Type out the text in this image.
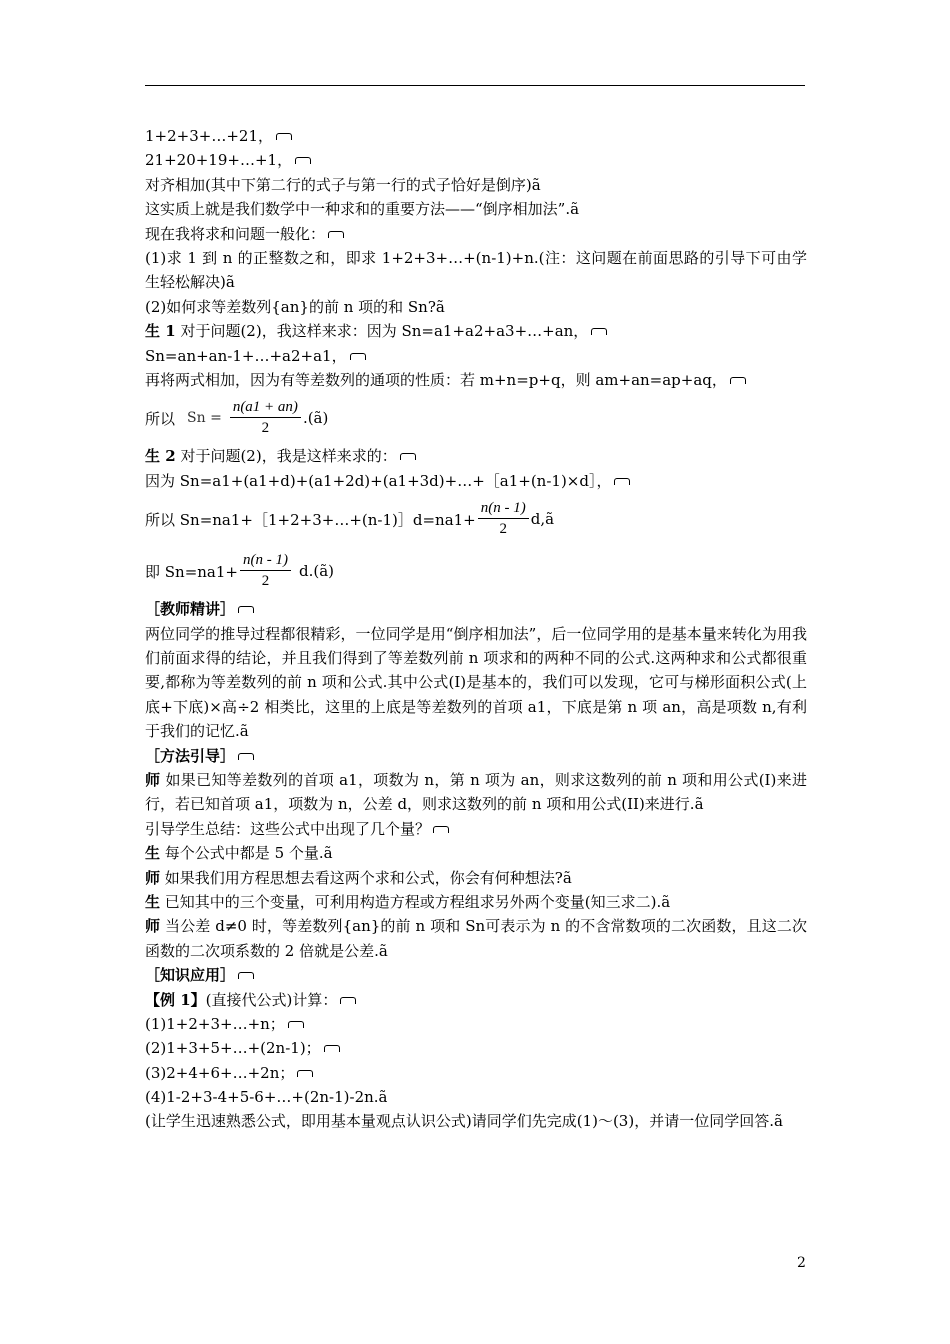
1+2+3+…+21，
21+20+19+…+1，
对齐相加(其中下第二行的式子与第一行的式子恰好是倒序)ã
这实质上就是我们数学中一种求和的重要方法——“倒序相加法”.ã
现在我将求和问题一般化：
(1)求 1 到 n 的正整数之和，即求 1+2+3+…+(n-1)+n.(注：这问题在前面思路的引导下可由学生轻松解决)ã
(2)如何求等差数列{an}的前 n 项的和 Sn?ã
生 1 对于问题(2)，我这样来求：因为 Sn=a1+a2+a3+…+an，
Sn=an+an-1+…+a2+a1，
再将两式相加，因为有等差数列的通项的性质：若 m+n=p+q，则 am+an=ap+aq，
所以 $Sn = \frac{n(a1 + an)}{2}$ .(ã)
生 2 对于问题(2)，我是这样来求的：
因为 Sn=a1+(a1+d)+(a1+2d)+(a1+3d)+…+［a1+(n-1)×d］，
所以 Sn=na1+［1+2+3+…+(n-1)］d=na1+ $\frac{n(n - 1)}{2}$ d,ã
即 $Sn=na1+ \frac{n(n - 1)}{2}$ d.(ã)
［教师精讲］
两位同学的推导过程都很精彩，一位同学是用“倒序相加法”，后一位同学用的是基本量来转化为用我们前面求得的结论，并且我们得到了等差数列前 n 项求和的两种不同的公式.这两种求和公式都很重要,都称为等差数列的前 n 项和公式.其中公式(I)是基本的，我们可以发现，它可与梯形面积公式(上底+下底)×高÷2 相类比，这里的上底是等差数列的首项 a1，下底是第 n 项 an，高是项数 n,有利于我们的记忆.ã
［方法引导］
师 如果已知等差数列的首项 a1，项数为 n，第 n 项为 an，则求这数列的前 n 项和用公式(I)来进行，若已知首项 a1，项数为 n，公差 d，则求这数列的前 n 项和用公式(II)来进行.ã
引导学生总结：这些公式中出现了几个量？
生 每个公式中都是 5 个量.ã
师 如果我们用方程思想去看这两个求和公式，你会有何种想法?ã
生 已知其中的三个变量，可利用构造方程或方程组求另外两个变量(知三求二).ã
师 当公差 d≠0 时，等差数列{an}的前 n 项和 Sn可表示为 n 的不含常数项的二次函数，且这二次函数的二次项系数的 2 倍就是公差.ã
［知识应用］
【例 1】(直接代公式)计算：
(1)1+2+3+…+n；
(2)1+3+5+…+(2n-1)；
(3)2+4+6+…+2n；
(4)1-2+3-4+5-6+…+(2n-1)-2n.ã
(让学生迅速熟悉公式，即用基本量观点认识公式)请同学们先完成(1)～(3)，并请一位同学回答.ã
2
